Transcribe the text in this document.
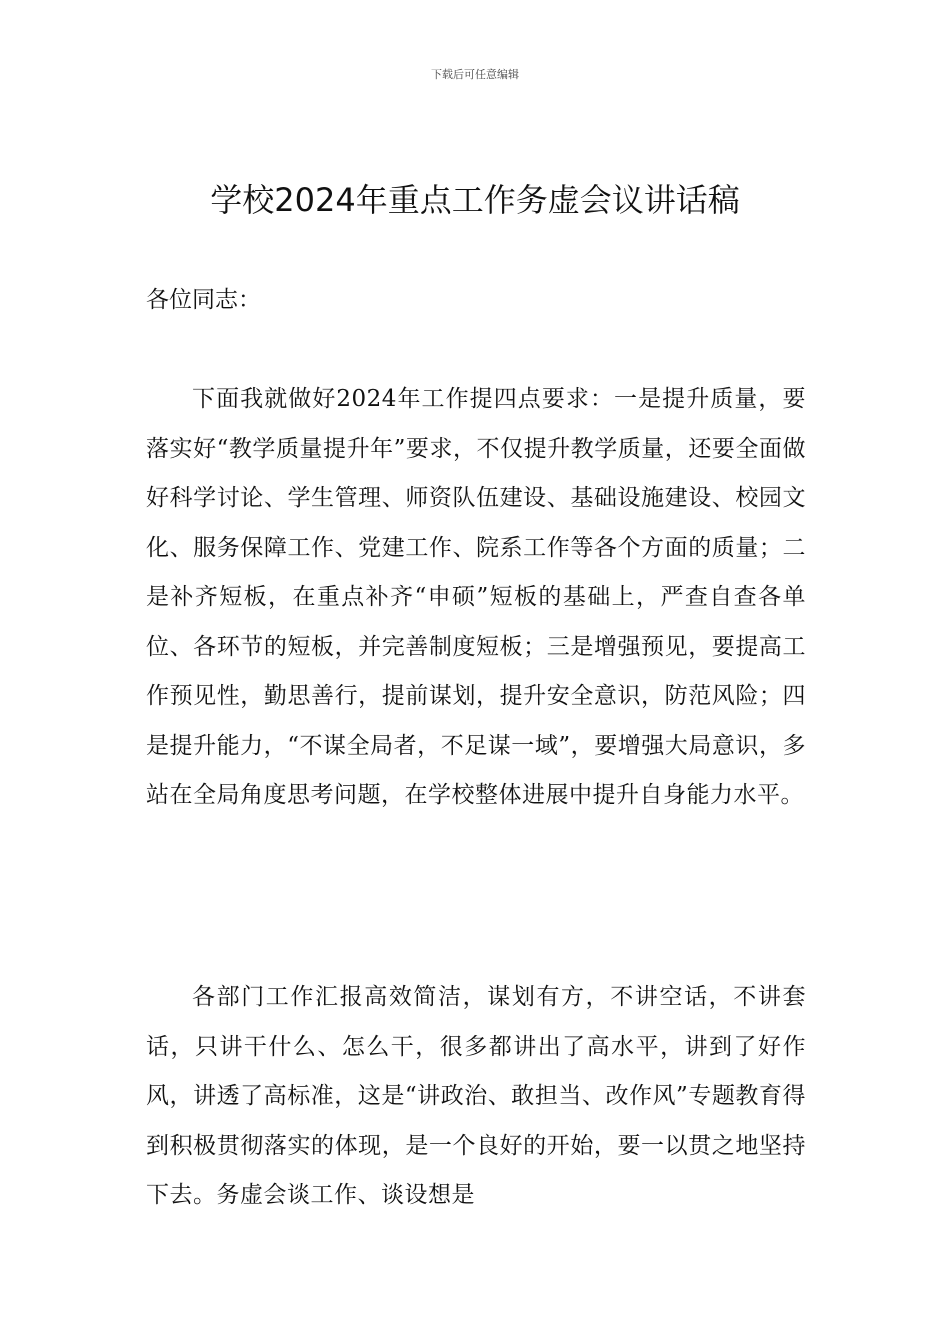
下载后可任意编辑
学校2024年重点工作务虚会议讲话稿

各位同志：

下面我就做好2024年工作提四点要求：一是提升质量，要落实好“教学质量提升年”要求，不仅提升教学质量，还要全面做好科学讨论、学生管理、师资队伍建设、基础设施建设、校园文化、服务保障工作、党建工作、院系工作等各个方面的质量；二是补齐短板，在重点补齐“申硕”短板的基础上，严查自查各单位、各环节的短板，并完善制度短板；三是增强预见，要提高工作预见性，勤思善行，提前谋划，提升安全意识，防范风险；四是提升能力，“不谋全局者，不足谋一域”，要增强大局意识，多站在全局角度思考问题，在学校整体进展中提升自身能力水平。

各部门工作汇报高效简洁，谋划有方，不讲空话，不讲套话，只讲干什么、怎么干，很多都讲出了高水平，讲到了好作风，讲透了高标准，这是“讲政治、敢担当、改作风”专题教育得到积极贯彻落实的体现，是一个良好的开始，要一以贯之地坚持下去。务虚会谈工作、谈设想是
